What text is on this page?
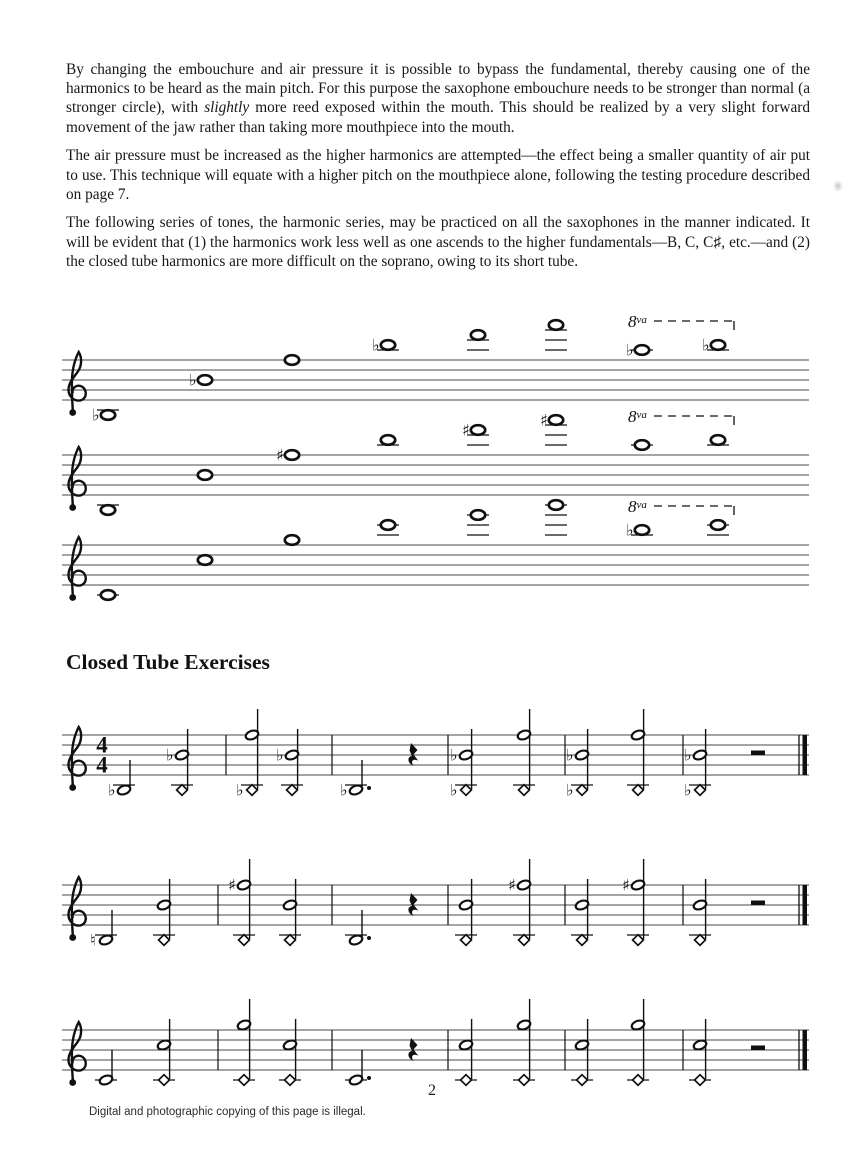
By changing the embouchure and air pressure it is possible to bypass the fundamental, thereby causing one of the harmonics to be heard as the main pitch. For this purpose the saxophone embouchure needs to be stronger than normal (a stronger circle), with slightly more reed exposed within the mouth. This should be realized by a very slight forward movement of the jaw rather than taking more mouthpiece into the mouth.

The air pressure must be increased as the higher harmonics are attempted—the effect being a smaller quantity of air put to use. This technique will equate with a higher pitch on the mouthpiece alone, following the testing procedure described on page 7.

The following series of tones, the harmonic series, may be practiced on all the saxophones in the manner indicated. It will be evident that (1) the harmonics work less well as one ascends to the higher fundamentals—B, C, C♯, etc.—and (2) the closed tube harmonics are more difficult on the soprano, owing to its short tube.

Closed Tube Exercises
♭
♭
♭
$8^{va}$
♭	♭
♯
♯
♯	$8^{va}$
$8^{va}$
♭
4
4
♭
♭
♭
♭
♭	♭
♭
♭
♭
♭
♭
♮
♯	♯	♯
2
Digital and photographic copying of this page is illegal.
